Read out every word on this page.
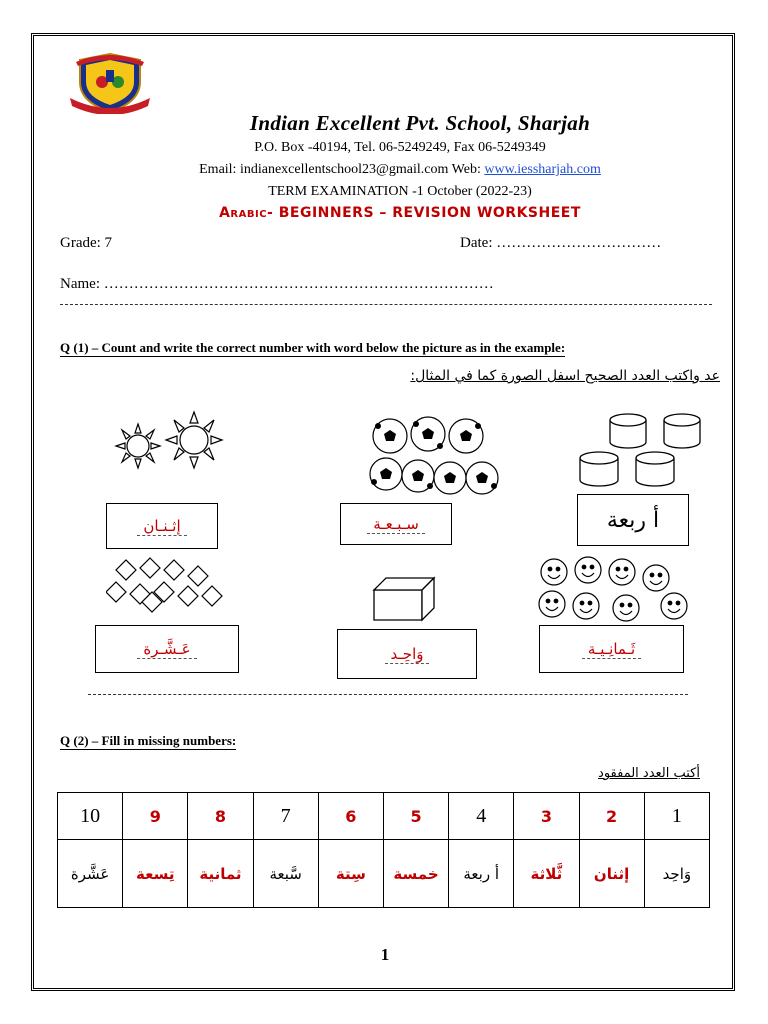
Indian Excellent Pvt. School, Sharjah
P.O. Box -40194, Tel. 06-5249249, Fax 06-5249349
Email: indianexcellentschool23@gmail.com Web: www.iessharjah.com
TERM EXAMINATION -1 October (2022-23)
Arabic- BEGINNERS – REVISION WORKSHEET
Grade: 7	Date: ……………………………
Name: ……………………………………………………………………
Q (1) – Count and write the correct number with word below the picture as in the example:
عد واكتب العدد الصحيح اسفل الصورة كما في المثال:
إثـنـان	سـبـعـة	أ ربعة
عَـشَّـرة	وَاحِـد	ثَـمانِـيـة
Q (2) – Fill in missing numbers:
أكتب العدد المفقود
10	9	8	7	6	5	4	3	2	1
عَشَّرة	تِسعة	ثمانية	سَّبعة	سِتة	خمسة	أ ربعة	ثَّلاثة	إثنان	وَاحِد
1
